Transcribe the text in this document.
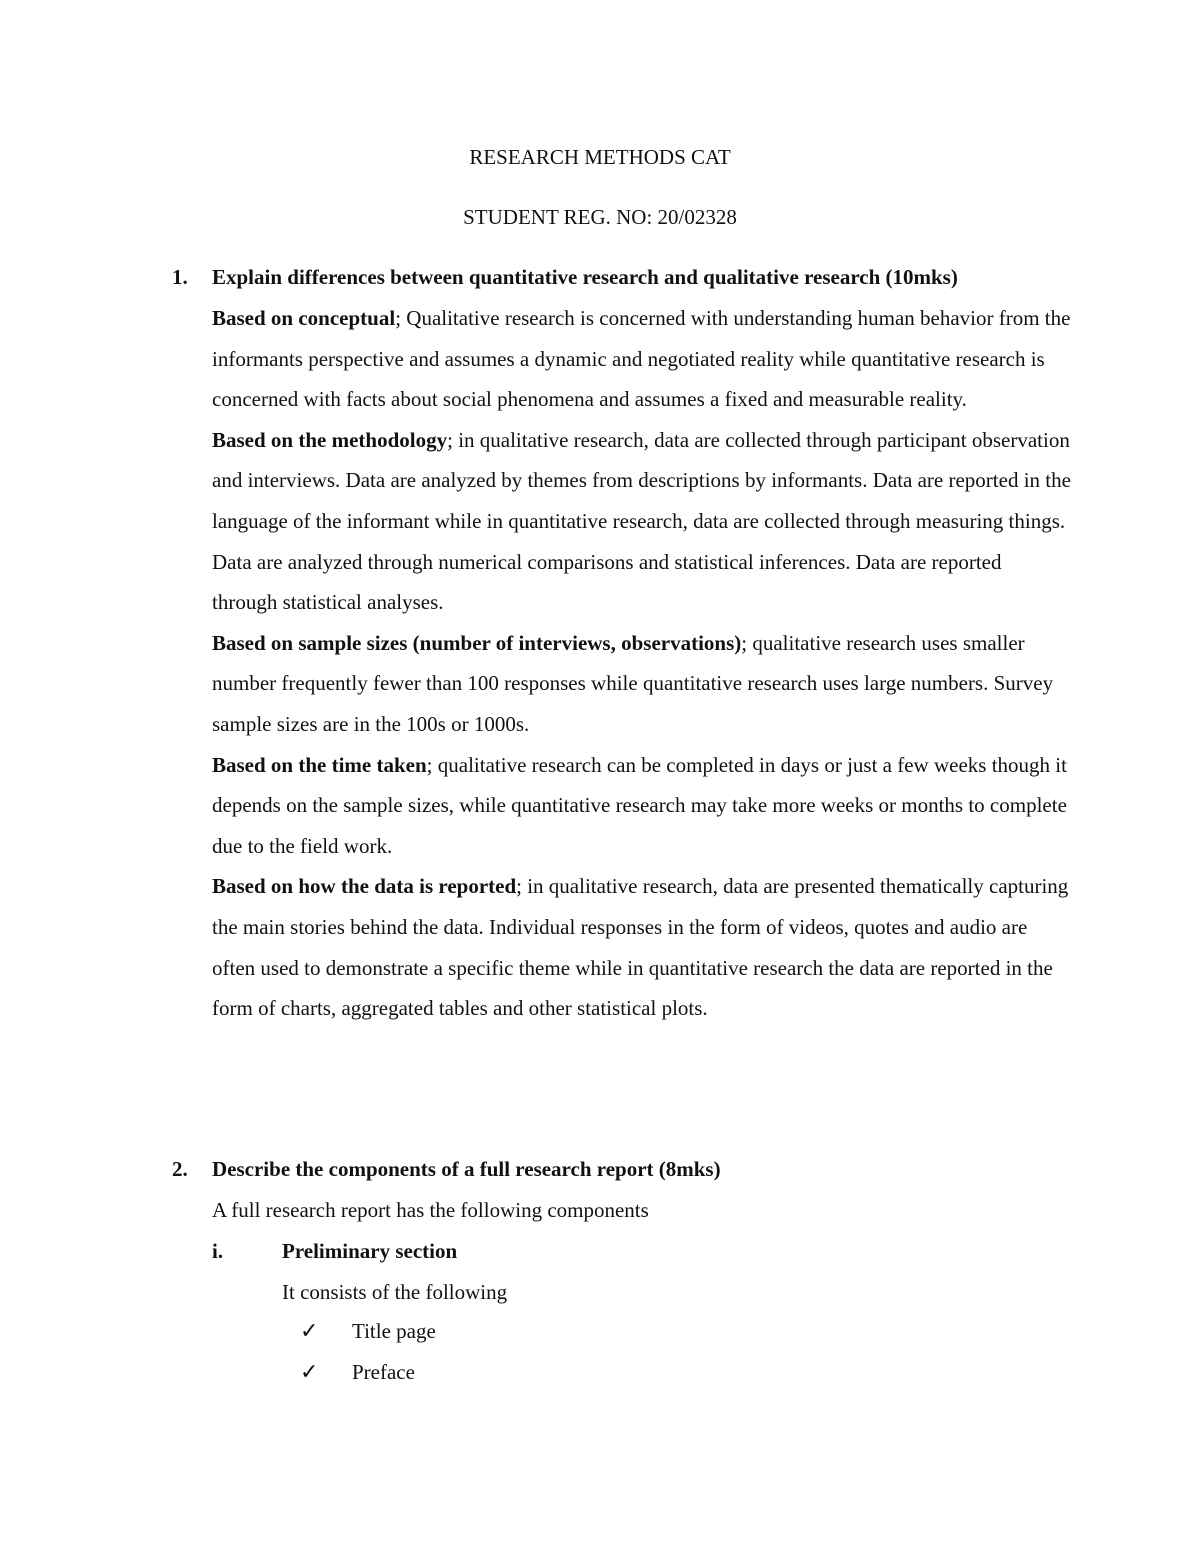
RESEARCH METHODS CAT
STUDENT REG. NO: 20/02328
1. Explain differences between quantitative research and qualitative research (10mks)

Based on conceptual; Qualitative research is concerned with understanding human behavior from the informants perspective and assumes a dynamic and negotiated reality while quantitative research is concerned with facts about social phenomena and assumes a fixed and measurable reality.

Based on the methodology; in qualitative research, data are collected through participant observation and interviews. Data are analyzed by themes from descriptions by informants. Data are reported in the language of the informant while in quantitative research, data are collected through measuring things. Data are analyzed through numerical comparisons and statistical inferences. Data are reported through statistical analyses.

Based on sample sizes (number of interviews, observations); qualitative research uses smaller number frequently fewer than 100 responses while quantitative research uses large numbers. Survey sample sizes are in the 100s or 1000s.

Based on the time taken; qualitative research can be completed in days or just a few weeks though it depends on the sample sizes, while quantitative research may take more weeks or months to complete due to the field work.

Based on how the data is reported; in qualitative research, data are presented thematically capturing the main stories behind the data. Individual responses in the form of videos, quotes and audio are often used to demonstrate a specific theme while in quantitative research the data are reported in the form of charts, aggregated tables and other statistical plots.

2. Describe the components of a full research report (8mks)
A full research report has the following components
i.	Preliminary section
It consists of the following
✓ Title page
✓ Preface
